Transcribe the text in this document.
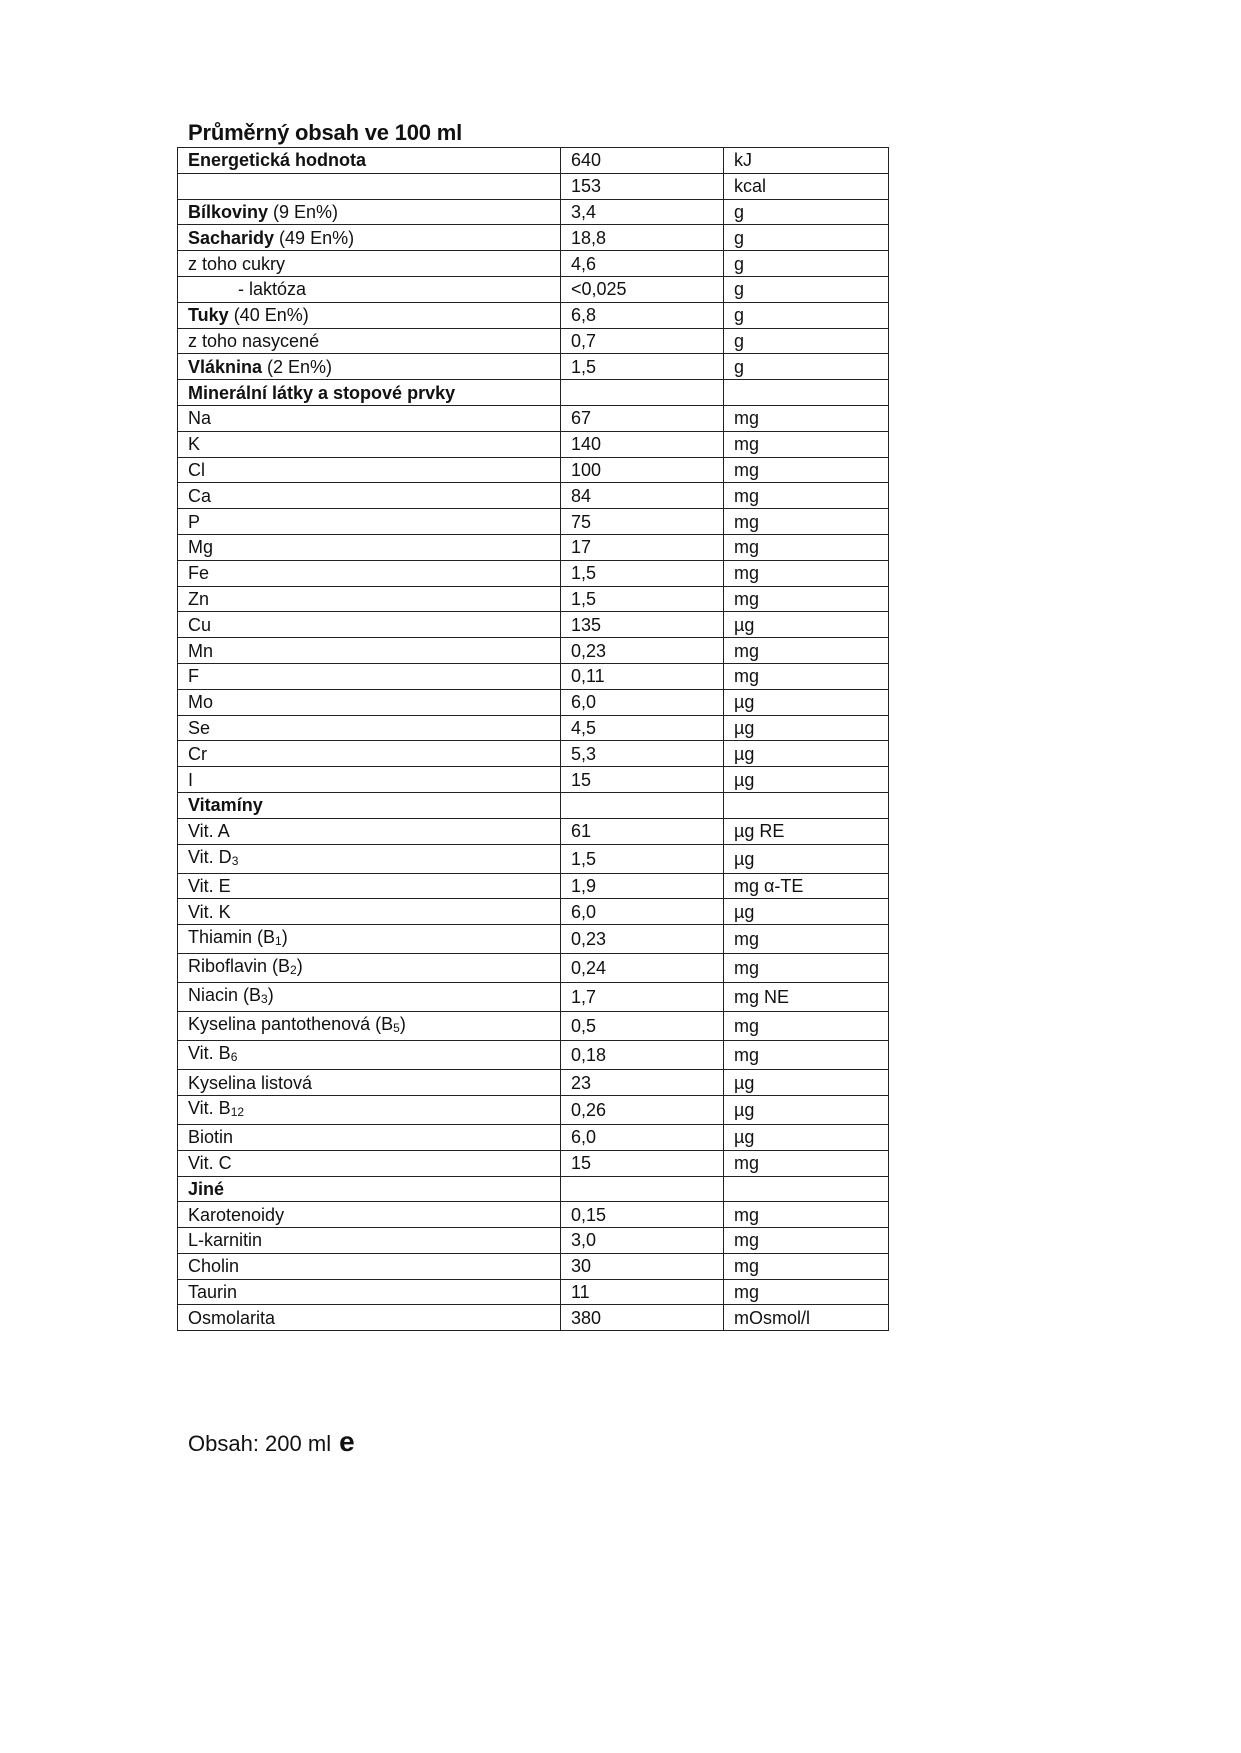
Průměrný obsah ve 100 ml
Energetická hodnota	640	kJ
	153	kcal
Bílkoviny (9 En%)	3,4	g
Sacharidy (49 En%)	18,8	g
z toho cukry	4,6	g
- laktóza	<0,025	g
Tuky (40 En%)	6,8	g
z toho nasycené	0,7	g
Vláknina (2 En%)	1,5	g
Minerální látky a stopové prvky		
Na	67	mg
K	140	mg
Cl	100	mg
Ca	84	mg
P	75	mg
Mg	17	mg
Fe	1,5	mg
Zn	1,5	mg
Cu	135	µg
Mn	0,23	mg
F	0,11	mg
Mo	6,0	µg
Se	4,5	µg
Cr	5,3	µg
I	15	µg
Vitamíny		
Vit. A	61	µg RE
Vit. $D_3$	1,5	µg
Vit. E	1,9	mg α-TE
Vit. K	6,0	µg
Thiamin $(B_1)$	0,23	mg
Riboflavin $(B_2)$	0,24	mg
Niacin $(B_3)$	1,7	mg NE
Kyselina pantothenová $(B_5)$	0,5	mg
Vit. $B_6$	0,18	mg
Kyselina listová	23	µg
Vit. $B_{12}$	0,26	µg
Biotin	6,0	µg
Vit. C	15	mg
Jiné		
Karotenoidy	0,15	mg
L-karnitin	3,0	mg
Cholin	30	mg
Taurin	11	mg
Osmolarita	380	mOsmol/l
Obsah: 200 ml e
